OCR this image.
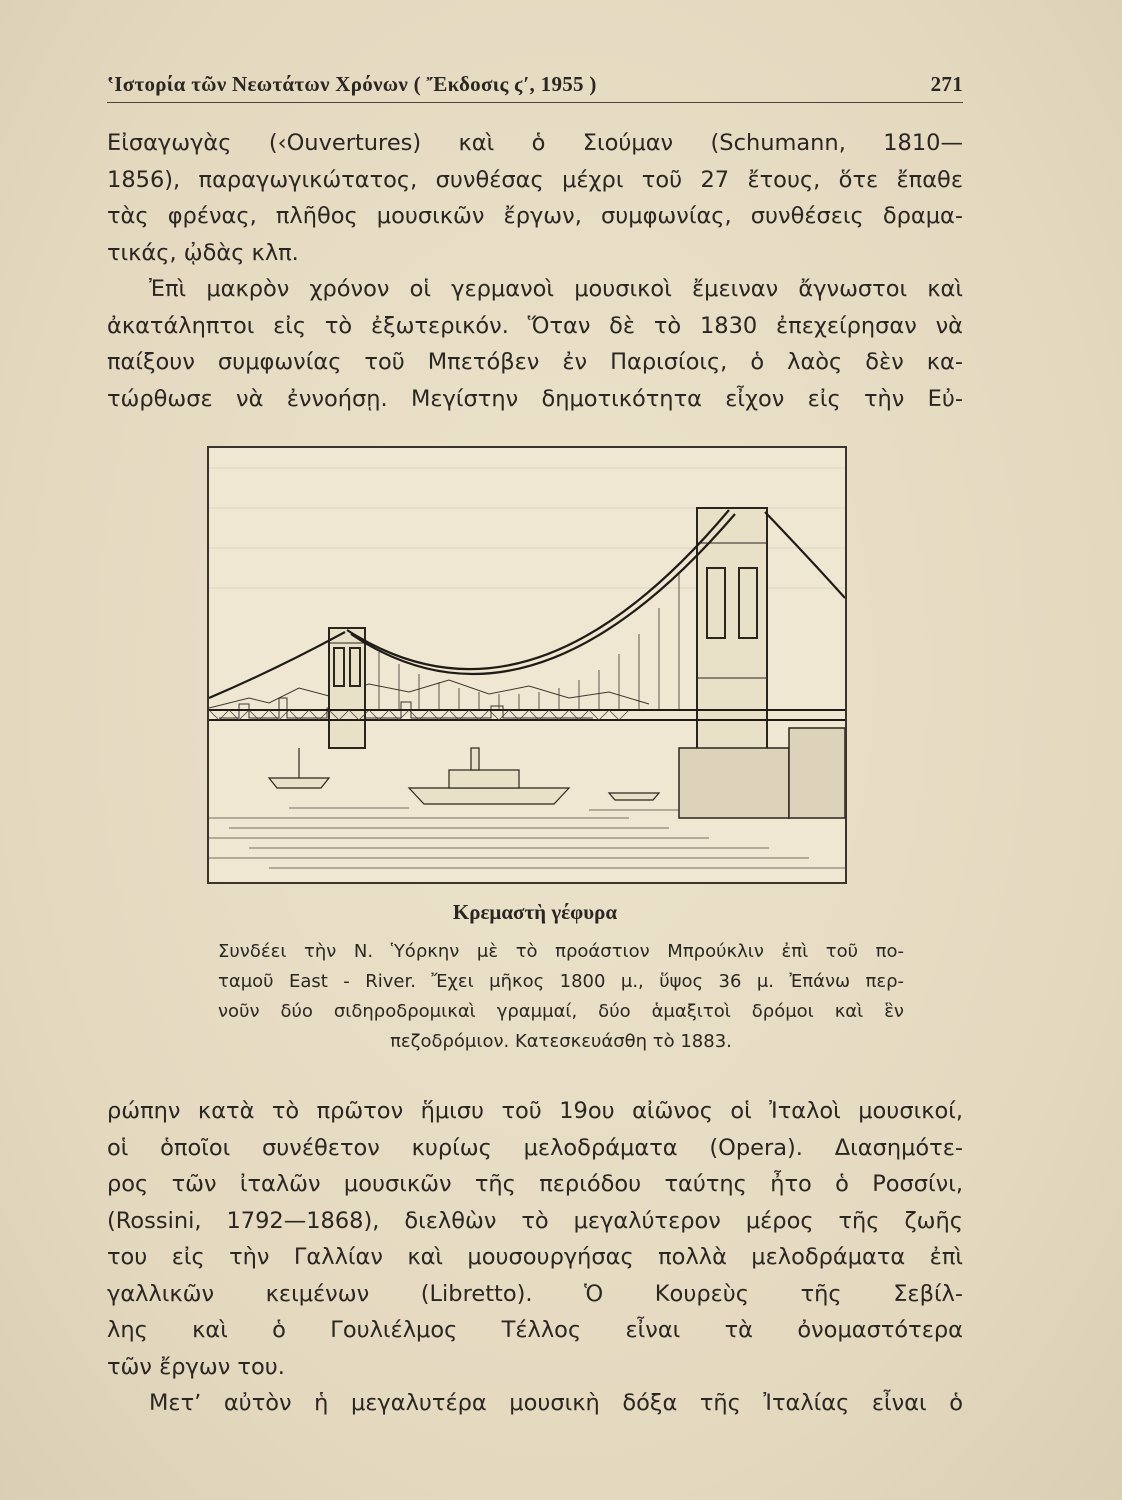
ʽΙστορία τῶν Νεωτάτων Χρόνων ( Ἔκδοσις ϛʹ, 1955 )	271
Εἰσαγωγὰς (‹Ouvertures) καὶ ὁ Σιούμαν (Schumann, 1810—
1856), παραγωγικώτατος, συνθέσας μέχρι τοῦ 27 ἔτους, ὅτε ἔπαθε
τὰς φρένας, πλῆθος μουσικῶν ἔργων, συμφωνίας, συνθέσεις δραμα-
τικάς, ᾠδὰς κλπ.
Ἐπὶ μακρὸν χρόνον οἱ γερμανοὶ μουσικοὶ ἔμειναν ἄγνωστοι καὶ
ἀκατάληπτοι εἰς τὸ ἐξωτερικόν. Ὅταν δὲ τὸ 1830 ἐπεχείρησαν νὰ
παίξουν συμφωνίας τοῦ Μπετόβεν ἐν Παρισίοις, ὁ λαὸς δὲν κα-
τώρθωσε νὰ ἐννοήσῃ. Μεγίστην δημοτικότητα εἶχον εἰς τὴν Εὐ-
Κρεμαστὴ γέφυρα
Συνδέει τὴν Ν. Ὑόρκην μὲ τὸ προάστιον Μπρούκλιν ἐπὶ τοῦ πο-
ταμοῦ East - River. Ἔχει μῆκος 1800 μ., ὕψος 36 μ. Ἐπάνω περ-
νοῦν δύο σιδηροδρομικαὶ γραμμαί, δύο ἁμαξιτοὶ δρόμοι καὶ ἓν
πεζοδρόμιον. Κατεσκευάσθη τὸ 1883.
ρώπην κατὰ τὸ πρῶτον ἥμισυ τοῦ 19ου αἰῶνος οἱ Ἰταλοὶ μουσικοί,
οἱ ὁποῖοι συνέθετον κυρίως μελοδράματα (Opera). Διασημότε-
ρος τῶν ἰταλῶν μουσικῶν τῆς περιόδου ταύτης ἦτο ὁ Ροσσίνι,
(Rossini, 1792—1868), διελθὼν τὸ μεγαλύτερον μέρος τῆς ζωῆς
του εἰς τὴν Γαλλίαν καὶ μουσουργήσας πολλὰ μελοδράματα ἐπὶ
γαλλικῶν κειμένων (Libretto). Ὁ Κουρεὺς τῆς Σεβίλ-
λης καὶ ὁ Γουλιέλμος Τέλλος εἶναι τὰ ὀνομαστότερα
τῶν ἔργων του.
Μετʼ αὐτὸν ἡ μεγαλυτέρα μουσικὴ δόξα τῆς Ἰταλίας εἶναι ὁ
